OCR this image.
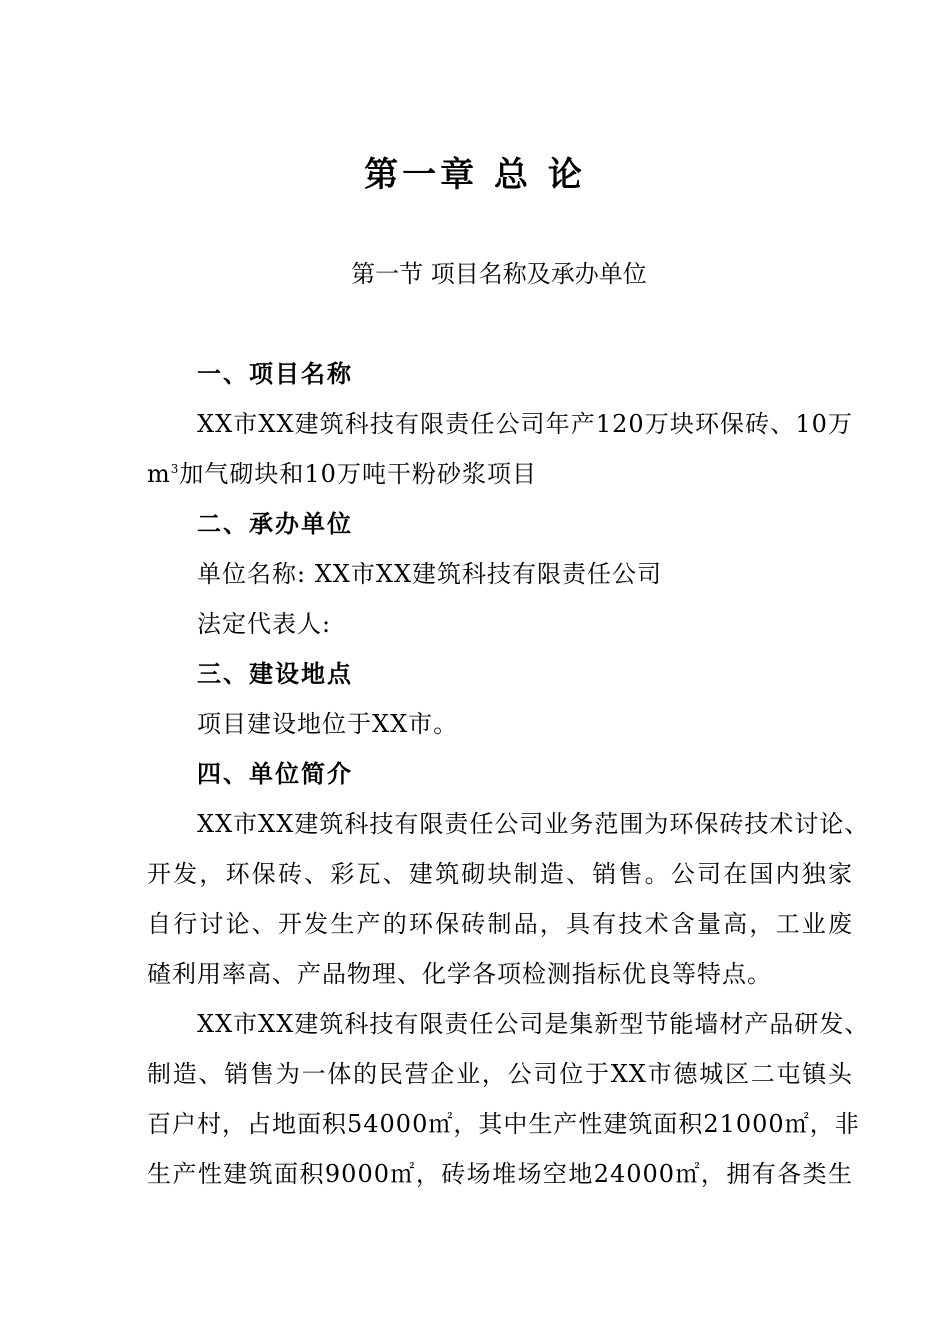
第一章 总 论
第一节 项目名称及承办单位
一、项目名称
XX市XX建筑科技有限责任公司年产120万块环保砖、10万
$m^3$加气砌块和10万吨干粉砂浆项目
二、承办单位
单位名称: XX市XX建筑科技有限责任公司
法定代表人:
三、建设地点
项目建设地位于XX市。
四、单位简介
XX市XX建筑科技有限责任公司业务范围为环保砖技术讨论、
开发，环保砖、彩瓦、建筑砌块制造、销售。公司在国内独家
自行讨论、开发生产的环保砖制品，具有技术含量高，工业废
碴利用率高、产品物理、化学各项检测指标优良等特点。
XX市XX建筑科技有限责任公司是集新型节能墙材产品研发、
制造、销售为一体的民营企业，公司位于XX市德城区二屯镇头
百户村，占地面积54000㎡，其中生产性建筑面积21000㎡，非
生产性建筑面积9000㎡，砖场堆场空地24000㎡，拥有各类生
